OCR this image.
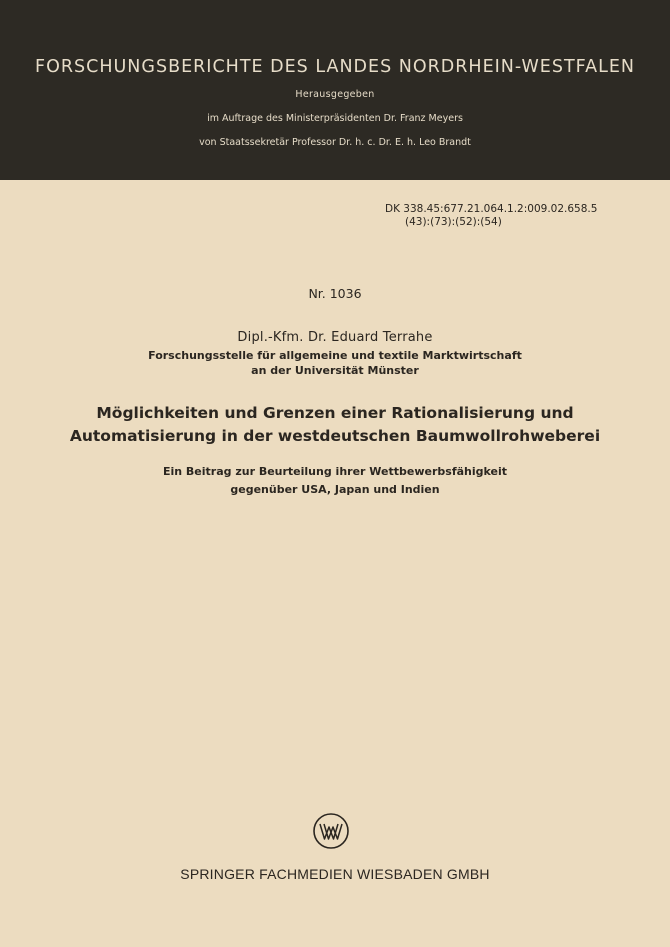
FORSCHUNGSBERICHTE DES LANDES NORDRHEIN-WESTFALEN
Herausgegeben
im Auftrage des Ministerpräsidenten Dr. Franz Meyers
von Staatssekretär Professor Dr. h. c. Dr. E. h. Leo Brandt
DK 338.45:677.21.064.1.2:009.02.658.5
(43):(73):(52):(54)
Nr. 1036
Dipl.-Kfm. Dr. Eduard Terrahe
Forschungsstelle für allgemeine und textile Marktwirtschaft
an der Universität Münster
Möglichkeiten und Grenzen einer Rationalisierung und
Automatisierung in der westdeutschen Baumwollrohweberei
Ein Beitrag zur Beurteilung ihrer Wettbewerbsfähigkeit
gegenüber USA, Japan und Indien
SPRINGER FACHMEDIEN WIESBADEN GMBH
